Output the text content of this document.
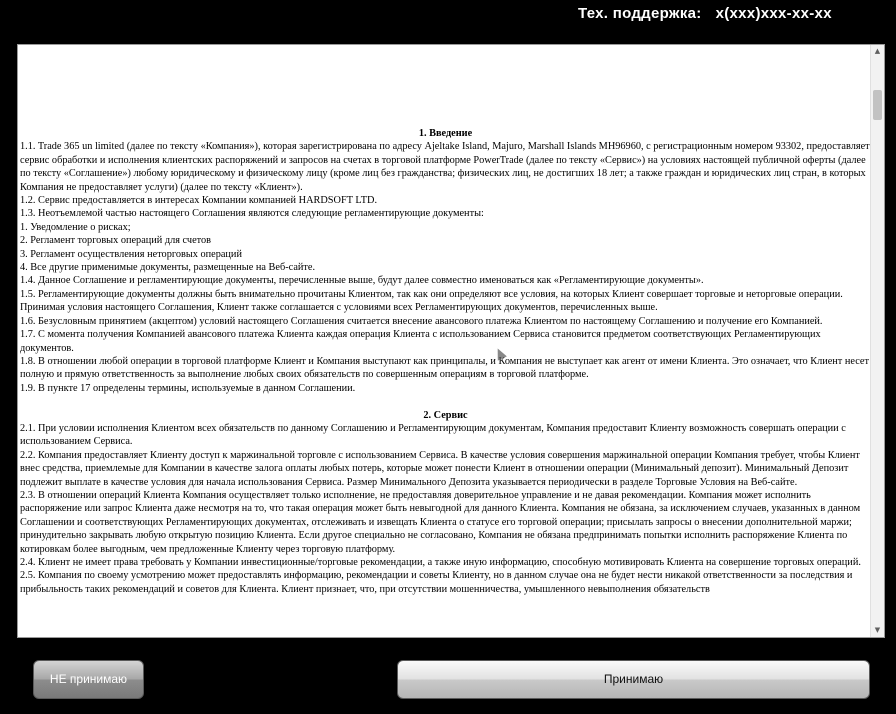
Тех. поддержка: x(xxx)xxx-xx-xx
1. Введение

1.1. Trade 365 un limited (далее по тексту «Компания»), которая зарегистрирована по адресу Ajeltake Island, Majuro, Marshall Islands MH96960, с регистрационным номером 93302, предоставляет сервис обработки и исполнения клиентских распоряжений и запросов на счетах в торговой платформе PowerTrade (далее по тексту «Сервис») на условиях настоящей публичной оферты (далее по тексту «Соглашение») любому юридическому и физическому лицу (кроме лиц без гражданства; физических лиц, не достигших 18 лет; а также граждан и юридических лиц стран, в которых Компания не предоставляет услуги) (далее по тексту «Клиент»).

1.2. Сервис предоставляется в интересах Компании компанией HARDSOFT LTD.

1.3. Неотъемлемой частью настоящего Соглашения являются следующие регламентирующие документы:

1. Уведомление о рисках;

2. Регламент торговых операций для счетов

3. Регламент осуществления неторговых операций

4. Все другие применимые документы, размещенные на Веб-сайте.

1.4. Данное Соглашение и регламентирующие документы, перечисленные выше, будут далее совместно именоваться как «Регламентирующие документы».

1.5. Регламентирующие документы должны быть внимательно прочитаны Клиентом, так как они определяют все условия, на которых Клиент совершает торговые и неторговые операции. Принимая условия настоящего Соглашения, Клиент также соглашается с условиями всех Регламентирующих документов, перечисленных выше.

1.6. Безусловным принятием (акцептом) условий настоящего Соглашения считается внесение авансового платежа Клиентом по настоящему Соглашению и получение его Компанией.

1.7. С момента получения Компанией авансового платежа Клиента каждая операция Клиента с использованием Сервиса становится предметом соответствующих Регламентирующих документов.

1.8. В отношении любой операции в торговой платформе Клиент и Компания выступают как принципалы, и Компания не выступает как агент от имени Клиента. Это означает, что Клиент несет полную и прямую ответственность за выполнение любых своих обязательств по совершенным операциям в торговой платформе.

1.9. В пункте 17 определены термины, используемые в данном Соглашении.

2. Сервис

2.1. При условии исполнения Клиентом всех обязательств по данному Соглашению и Регламентирующим документам, Компания предоставит Клиенту возможность совершать операции с использованием Сервиса.

2.2. Компания предоставляет Клиенту доступ к маржинальной торговле с использованием Сервиса. В качестве условия совершения маржинальной операции Компания требует, чтобы Клиент внес средства, приемлемые для Компании в качестве залога оплаты любых потерь, которые может понести Клиент в отношении операции (Минимальный депозит). Минимальный Депозит подлежит выплате в качестве условия для начала использования Сервиса. Размер Минимального Депозита указывается периодически в разделе Торговые Условия на Веб-сайте.

2.3. В отношении операций Клиента Компания осуществляет только исполнение, не предоставляя доверительное управление и не давая рекомендации. Компания может исполнить распоряжение или запрос Клиента даже несмотря на то, что такая операция может быть невыгодной для данного Клиента. Компания не обязана, за исключением случаев, указанных в данном Соглашении и соответствующих Регламентирующих документах, отслеживать и извещать Клиента о статусе его торговой операции; присылать запросы о внесении дополнительной маржи; принудительно закрывать любую открытую позицию Клиента. Если другое специально не согласовано, Компания не обязана предпринимать попытки исполнить распоряжение Клиента по котировкам более выгодным, чем предложенные Клиенту через торговую платформу.

2.4. Клиент не имеет права требовать у Компании инвестиционные/торговые рекомендации, а также иную информацию, способную мотивировать Клиента на совершение торговых операций.

2.5. Компания по своему усмотрению может предоставлять информацию, рекомендации и советы Клиенту, но в данном случае она не будет нести никакой ответственности за последствия и прибыльность таких рекомендаций и советов для Клиента. Клиент признает, что, при отсутствии мошенничества, умышленного невыполнения обязательств

▲
▼
НЕ принимаю	Принимаю
